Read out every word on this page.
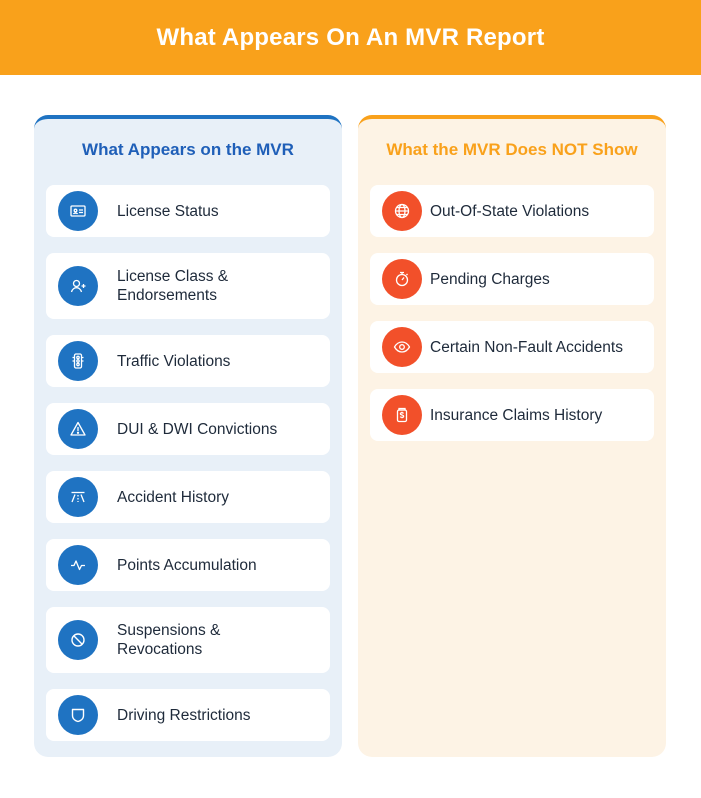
What Appears On An MVR Report
What Appears on the MVR
License Status
License Class & Endorsements
Traffic Violations
DUI & DWI Convictions
Accident History
Points Accumulation
Suspensions & Revocations
Driving Restrictions
What the MVR Does NOT Show
Out-Of-State Violations
Pending Charges
Certain Non-Fault Accidents
Insurance Claims History
